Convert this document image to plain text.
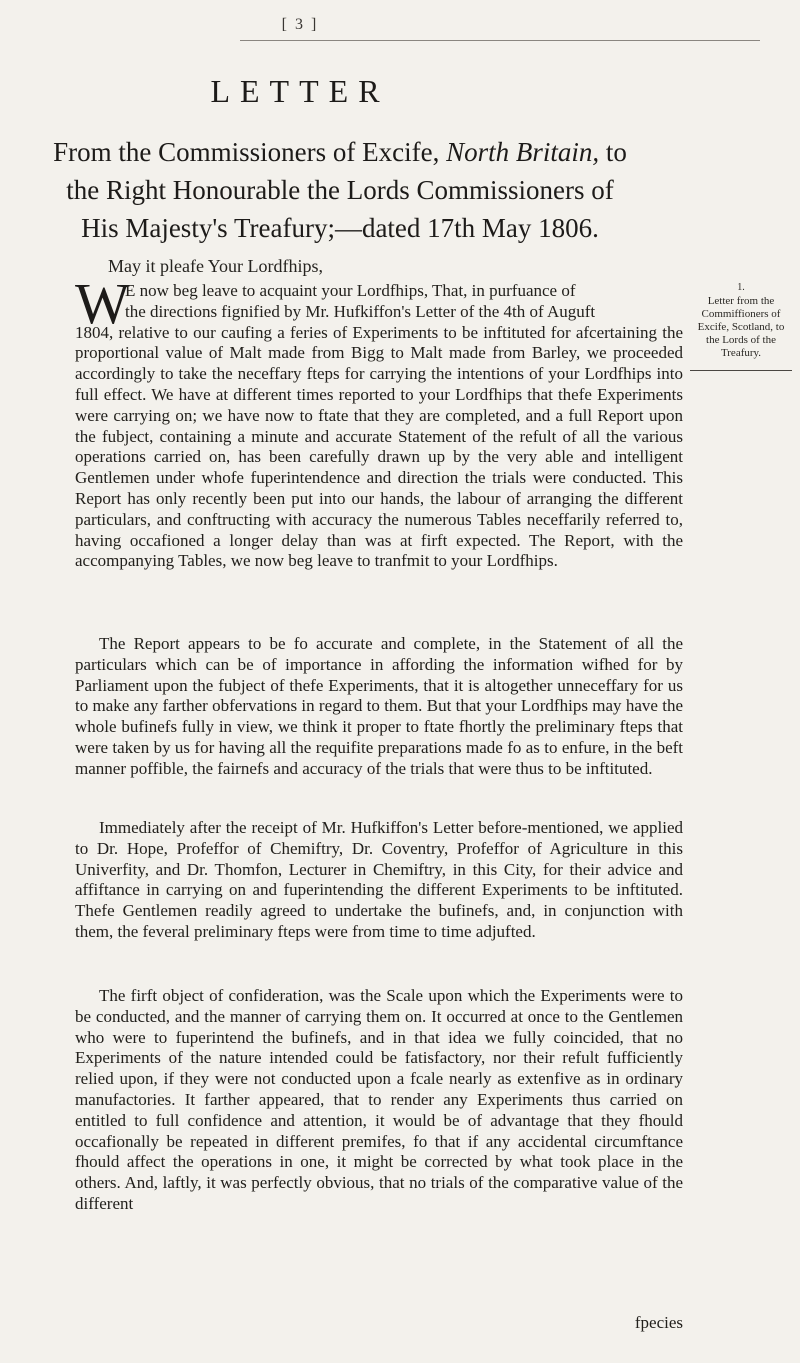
[ 3 ]
LETTER
From the Commissioners of Excife, North Britain, to
the Right Honourable the Lords Commissioners of
His Majesty's Treafury;—dated 17th May 1806.
May it pleafe Your Lordfhips,
W
E now beg leave to acquaint your Lordfhips, That, in purfuance of
the directions fignified by Mr. Hufkiffon's Letter of the 4th of Auguft
1804, relative to our caufing a feries of Experiments to be inftituted for afcertaining the proportional value of Malt made from Bigg to Malt made from Barley, we proceeded accordingly to take the neceffary fteps for carrying the intentions of your Lordfhips into full effect. We have at different times reported to your Lordfhips that thefe Experiments were carrying on; we have now to ftate that they are completed, and a full Report upon the fubject, containing a minute and accurate Statement of the refult of all the various operations carried on, has been carefully drawn up by the very able and intelligent Gentlemen under whofe fuperintendence and direction the trials were conducted. This Report has only recently been put into our hands, the labour of arranging the different particulars, and conftructing with accuracy the numerous Tables neceffarily referred to, having occafioned a longer delay than was at firft expected. The Report, with the accompanying Tables, we now beg leave to tranfmit to your Lordfhips.

The Report appears to be fo accurate and complete, in the Statement of all the particulars which can be of importance in affording the information wifhed for by Parliament upon the fubject of thefe Experiments, that it is altogether unneceffary for us to make any farther obfervations in regard to them. But that your Lordfhips may have the whole bufinefs fully in view, we think it proper to ftate fhortly the preliminary fteps that were taken by us for having all the requifite preparations made fo as to enfure, in the beft manner poffible, the fairnefs and accuracy of the trials that were thus to be inftituted.

Immediately after the receipt of Mr. Hufkiffon's Letter before-mentioned, we applied to Dr. Hope, Profeffor of Chemiftry, Dr. Coventry, Profeffor of Agriculture in this Univerfity, and Dr. Thomfon, Lecturer in Chemiftry, in this City, for their advice and affiftance in carrying on and fuperintending the different Experiments to be inftituted. Thefe Gentlemen readily agreed to undertake the bufinefs, and, in conjunction with them, the feveral preliminary fteps were from time to time adjufted.

The firft object of confideration, was the Scale upon which the Experiments were to be conducted, and the manner of carrying them on. It occurred at once to the Gentlemen who were to fuperintend the bufinefs, and in that idea we fully coincided, that no Experiments of the nature intended could be fatisfactory, nor their refult fufficiently relied upon, if they were not conducted upon a fcale nearly as extenfive as in ordinary manufactories. It farther appeared, that to render any Experiments thus carried on entitled to full confidence and attention, it would be of advantage that they fhould occafionally be repeated in different premifes, fo that if any accidental circumftance fhould affect the operations in one, it might be corrected by what took place in the others. And, laftly, it was perfectly obvious, that no trials of the comparative value of the different

1.
Letter from the Commiffioners of Excife, Scotland, to the Lords of the Treafury.
fpecies
